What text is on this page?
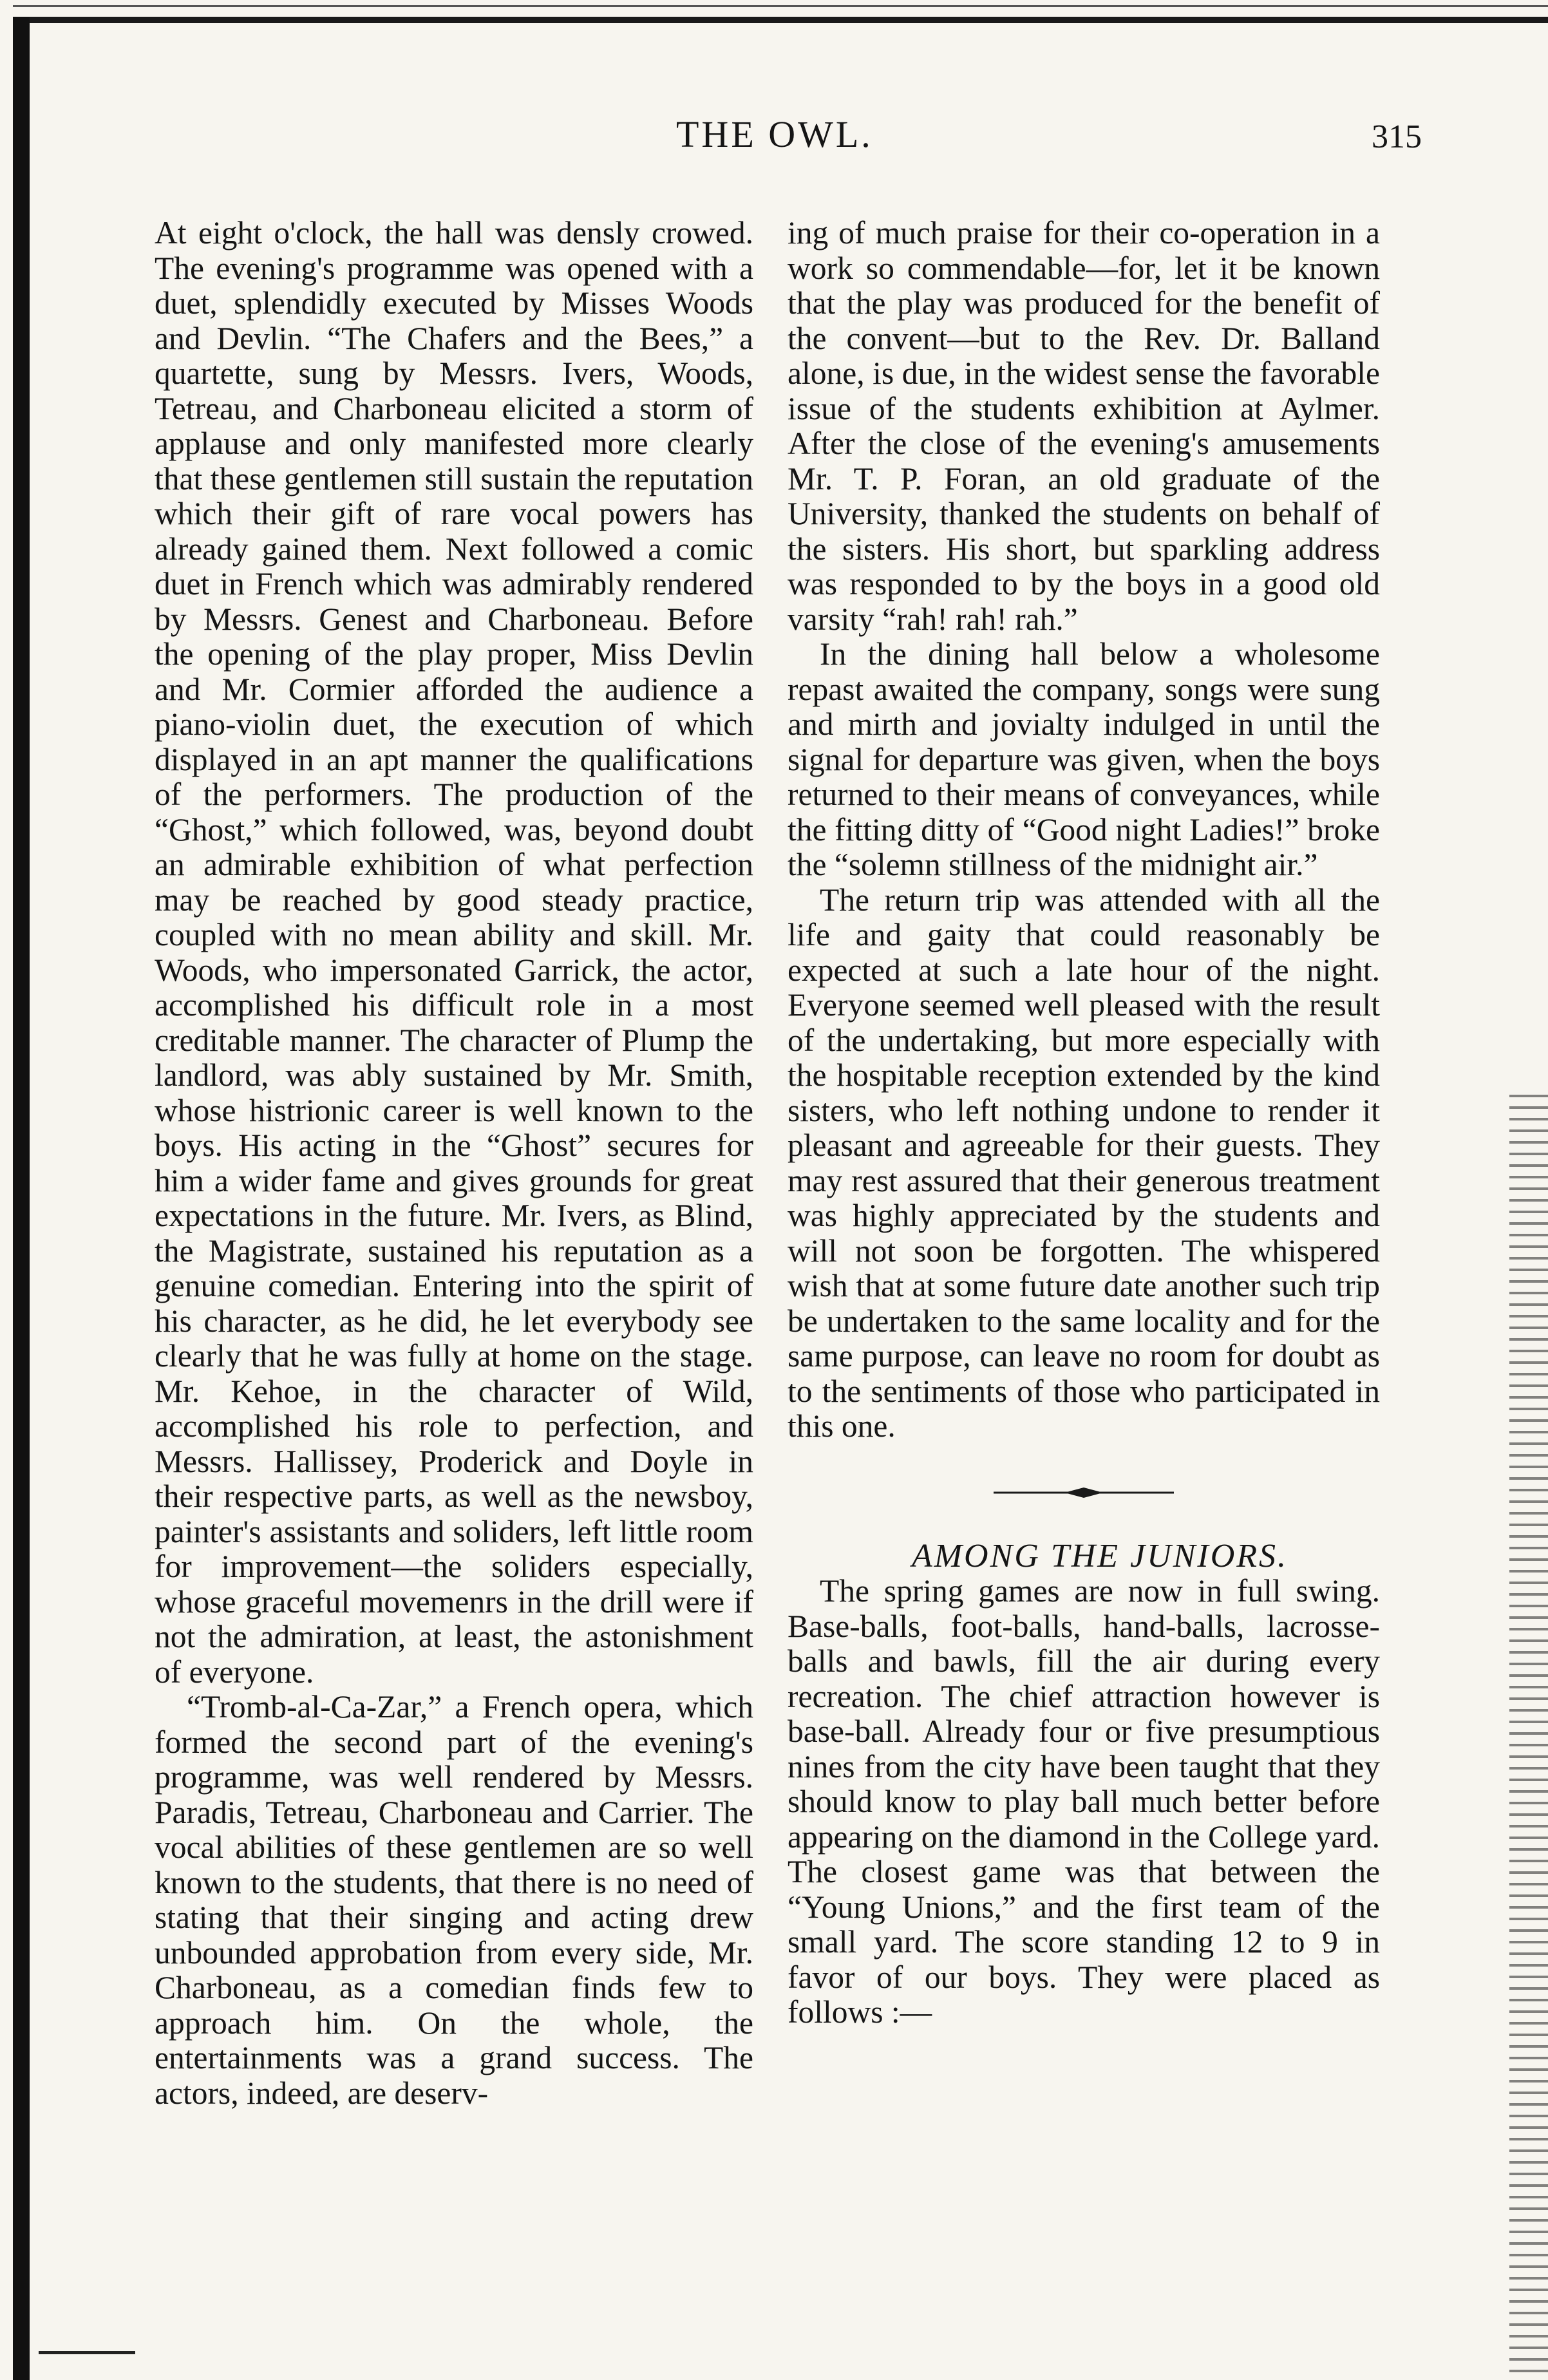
THE OWL.	315

At eight o'clock, the hall was densly crowed. The evening's programme was opened with a duet, splendidly executed by Misses Woods and Devlin. “The Chafers and the Bees,” a quartette, sung by Messrs. Ivers, Woods, Tetreau, and Charboneau elicited a storm of applause and only manifested more clearly that these gentlemen still sustain the reputation which their gift of rare vocal powers has already gained them. Next followed a comic duet in French which was admirably rendered by Messrs. Genest and Charboneau. Before the opening of the play proper, Miss Devlin and Mr. Cormier afforded the audience a piano-violin duet, the execution of which displayed in an apt manner the qualifications of the performers. The production of the “Ghost,” which followed, was, beyond doubt an admirable exhibition of what perfection may be reached by good steady practice, coupled with no mean ability and skill. Mr. Woods, who impersonated Garrick, the actor, accomplished his difficult role in a most creditable manner. The character of Plump the landlord, was ably sustained by Mr. Smith, whose histrionic career is well known to the boys. His acting in the “Ghost” secures for him a wider fame and gives grounds for great expectations in the future. Mr. Ivers, as Blind, the Magistrate, sustained his reputation as a genuine comedian. Entering into the spirit of his character, as he did, he let everybody see clearly that he was fully at home on the stage. Mr. Kehoe, in the character of Wild, accomplished his role to perfection, and Messrs. Hallissey, Proderick and Doyle in their respective parts, as well as the newsboy, painter's assistants and soliders, left little room for improvement—the soliders especially, whose graceful movemenrs in the drill were if not the admiration, at least, the astonishment of everyone.

“Tromb-al-Ca-Zar,” a French opera, which formed the second part of the evening's programme, was well rendered by Messrs. Paradis, Tetreau, Charboneau and Carrier. The vocal abilities of these gentlemen are so well known to the students, that there is no need of stating that their singing and acting drew unbounded approbation from every side, Mr. Charboneau, as a comedian finds few to approach him. On the whole, the entertainments was a grand success. The actors, indeed, are deserv-

ing of much praise for their co-operation in a work so commendable—for, let it be known that the play was produced for the benefit of the convent—but to the Rev. Dr. Balland alone, is due, in the widest sense the favorable issue of the students exhibition at Aylmer. After the close of the evening's amusements Mr. T. P. Foran, an old graduate of the University, thanked the students on behalf of the sisters. His short, but sparkling address was responded to by the boys in a good old varsity “rah! rah! rah.”

In the dining hall below a wholesome repast awaited the company, songs were sung and mirth and jovialty indulged in until the signal for departure was given, when the boys returned to their means of conveyances, while the fitting ditty of “Good night Ladies!” broke the “solemn stillness of the midnight air.”

The return trip was attended with all the life and gaity that could reasonably be expected at such a late hour of the night. Everyone seemed well pleased with the result of the undertaking, but more especially with the hospitable reception extended by the kind sisters, who left nothing undone to render it pleasant and agreeable for their guests. They may rest assured that their generous treatment was highly appreciated by the students and will not soon be forgotten. The whispered wish that at some future date another such trip be undertaken to the same locality and for the same purpose, can leave no room for doubt as to the sentiments of those who participated in this one.

AMONG THE JUNIORS.

The spring games are now in full swing. Base-balls, foot-balls, hand-balls, lacrosse-balls and bawls, fill the air during every recreation. The chief attraction however is base-ball. Already four or five presumptious nines from the city have been taught that they should know to play ball much better before appearing on the diamond in the College yard. The closest game was that between the “Young Unions,” and the first team of the small yard. The score standing 12 to 9 in favor of our boys. They were placed as follows :—
